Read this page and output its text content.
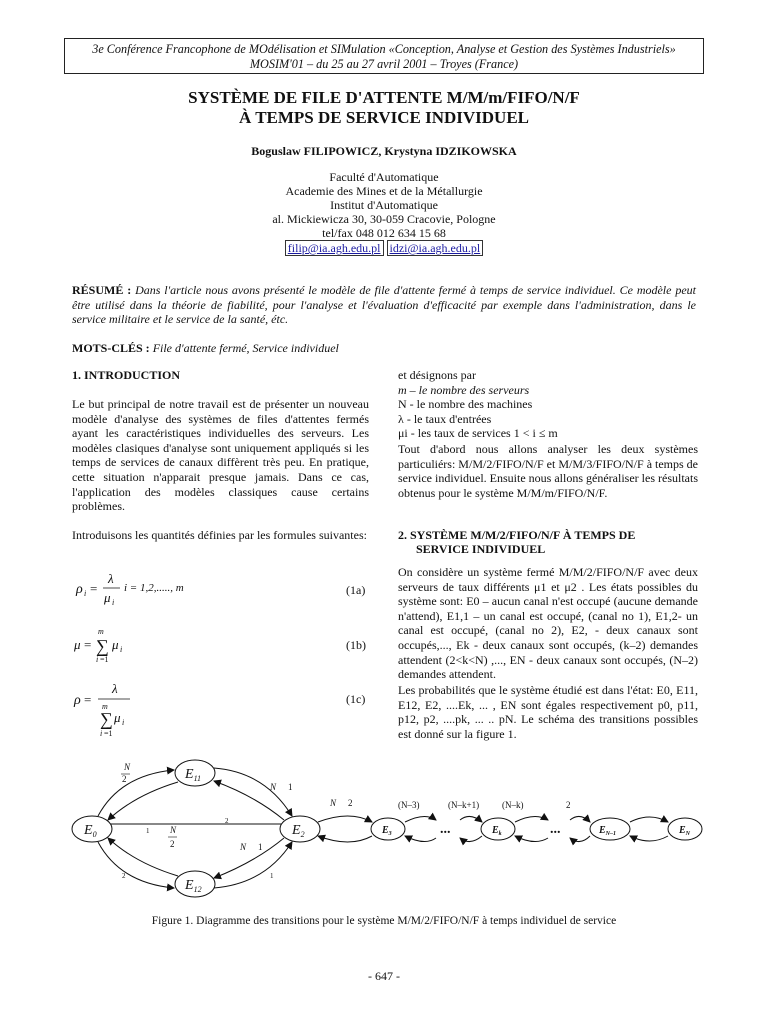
3e Conférence Francophone de MOdélisation et SIMulation «Conception, Analyse et Gestion des Systèmes Industriels»
MOSIM'01 – du 25 au 27 avril 2001 – Troyes (France)
SYSTÈME DE FILE D'ATTENTE M/M/m/FIFO/N/F
À TEMPS DE SERVICE INDIVIDUEL
Boguslaw FILIPOWICZ, Krystyna IDZIKOWSKA
Faculté d'Automatique
Academie des Mines et de la Métallurgie
Institut d'Automatique
al. Mickiewicza 30, 30-059 Cracovie, Pologne
tel/fax 048 012 634 15 68
filip@ia.agh.edu.pl idzi@ia.agh.edu.pl
RÉSUMÉ : Dans l'article nous avons présenté le modèle de file d'attente fermé à temps de service individuel. Ce modèle peut être utilisé dans la théorie de fiabilité, pour l'analyse et l'évaluation d'efficacité par exemple dans l'administration, dans le service militaire et le service de la santé, étc.
MOTS-CLÉS : File d'attente fermé, Service individuel
1. INTRODUCTION
Le but principal de notre travail est de présenter un nouveau modèle d'analyse des systèmes de files d'attentes fermés ayant les caractéristiques individuelles des serveurs. Les modèles clasiques d'analyse sont uniquement appliqués si les temps de services de canaux diffèrent très peu. En pratique, cette situation n'apparait presque jamais. Dans ce cas, l'application des modèles classiques cause certains problèmes.
Introduisons les quantités définies par les formules suivantes:
ρ i =
λ
μ i
i = 1,2,....., m	(1a)
μ =
m
∑
i =1
μ i	(1b)
ρ =
λ
m
∑
i =1
μ i
(1c)
et désignons par
m – le nombre des serveurs
N - le nombre des machines
λ - le taux d'entrées
μi - les taux de services 1 < i ≤ m
Tout d'abord nous allons analyser les deux systèmes particuliérs: M/M/2/FIFO/N/F et M/M/3/FIFO/N/F à temps de service individuel. Ensuite nous allons généraliser les résultats obtenus pour le système M/M/m/FIFO/N/F.
2. SYSTÈME M/M/2/FIFO/N/F À TEMPS DE
SERVICE INDIVIDUEL
On considère un système fermé M/M/2/FIFO/N/F avec deux serveurs de taux différents μ1 et μ2 . Les états possibles du système sont: E0 – aucun canal n'est occupé (aucune demande n'attend), E1,1 – un canal est occupé, (canal no 1), E1,2- un canal est occupé, (canal no 2), E2, - deux canaux sont occupés,..., Ek - deux canaux sont occupés, (k–2) demandes attendent (2<k<N) ,..., EN - deux canaux sont occupés, (N–2) demandes attendent.
Les probabilités que le système étudié est dans l'état: E0, E11, E12, E2, ....Ek, ... , EN sont égales respectivement p0, p11, p12, p2, ....pk, ... .. pN. Le schéma des transitions possibles est donné sur la figure 1.
$E_0$
$E_{11}$
$E_{12}$
$E_2$	$E_3$	$E_k$	$E_{N-1}$	$E_N$
N
2
N
2
1
2
2
N 1
N 1
1
N 2	(N–3)	(N–k+1)	(N–k)	2
...	...
Figure 1. Diagramme des transitions pour le système M/M/2/FIFO/N/F à temps individuel de service
- 647 -
